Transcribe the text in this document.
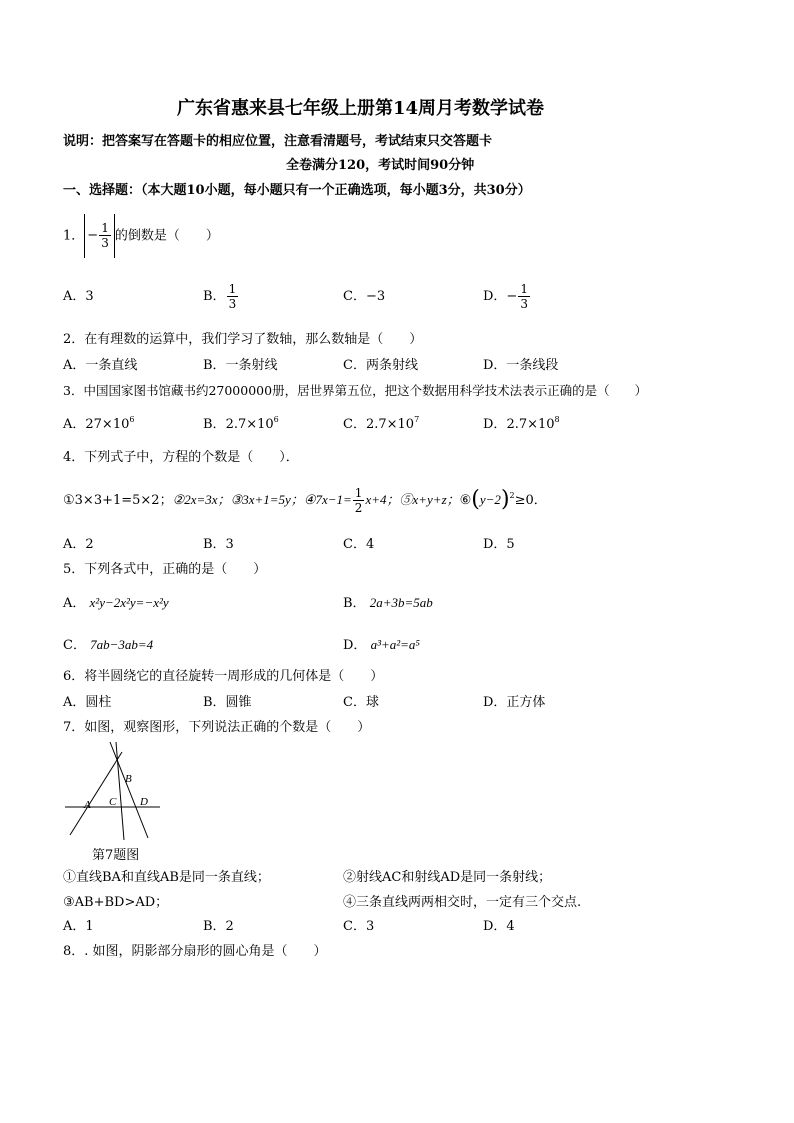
广东省惠来县七年级上册第14周月考数学试卷
说明：把答案写在答题卡的相应位置，注意看清题号，考试结束只交答题卡
全卷满分120，考试时间90分钟
一、选择题：（本大题10小题，每小题只有一个正确选项，每小题3分，共30分）
1． − $\frac{1}{3}$ 的倒数是（　　）
A．3	B． $\frac{1}{3}$	C．−3	D．− $\frac{1}{3}$
2．在有理数的运算中，我们学习了数轴，那么数轴是（　　）
A．一条直线	B．一条射线	C．两条射线	D．一条线段
3．中国国家图书馆藏书约27000000册，居世界第五位，把这个数据用科学技术法表示正确的是（　　）
A．$27\times 10^6$	B．$2.7\times 10^6$	C．$2.7\times 10^7$	D．$2.7\times 10^8$
4．下列式子中，方程的个数是（　　）．
①3×3+1=5×2；②2x=3x；③3x+1=5y；④7x−1= $\frac{1}{2} x+4$；⑤x+y+z；$⑥(y-2)^2\ge 0$．
A．2	B．3	C．4	D．5
5．下列各式中，正确的是（　　）
A． x²y−2x²y=−x²y	B． 2a+3b=5ab
C． 7ab−3ab=4	D． a³+a²=a⁵
6．将半圆绕它的直径旋转一周形成的几何体是（　　）
A．圆柱	B．圆锥	C．球	D．正方体
7．如图，观察图形，下列说法正确的个数是（　　）
A
B
C D
第7题图
①直线BA和直线AB是同一条直线；	②射线AC和射线AD是同一条射线；
③AB+BD>AD；	④三条直线两两相交时，一定有三个交点.
A．1	B．2	C．3	D．4
8．. 如图，阴影部分扇形的圆心角是（　　）
